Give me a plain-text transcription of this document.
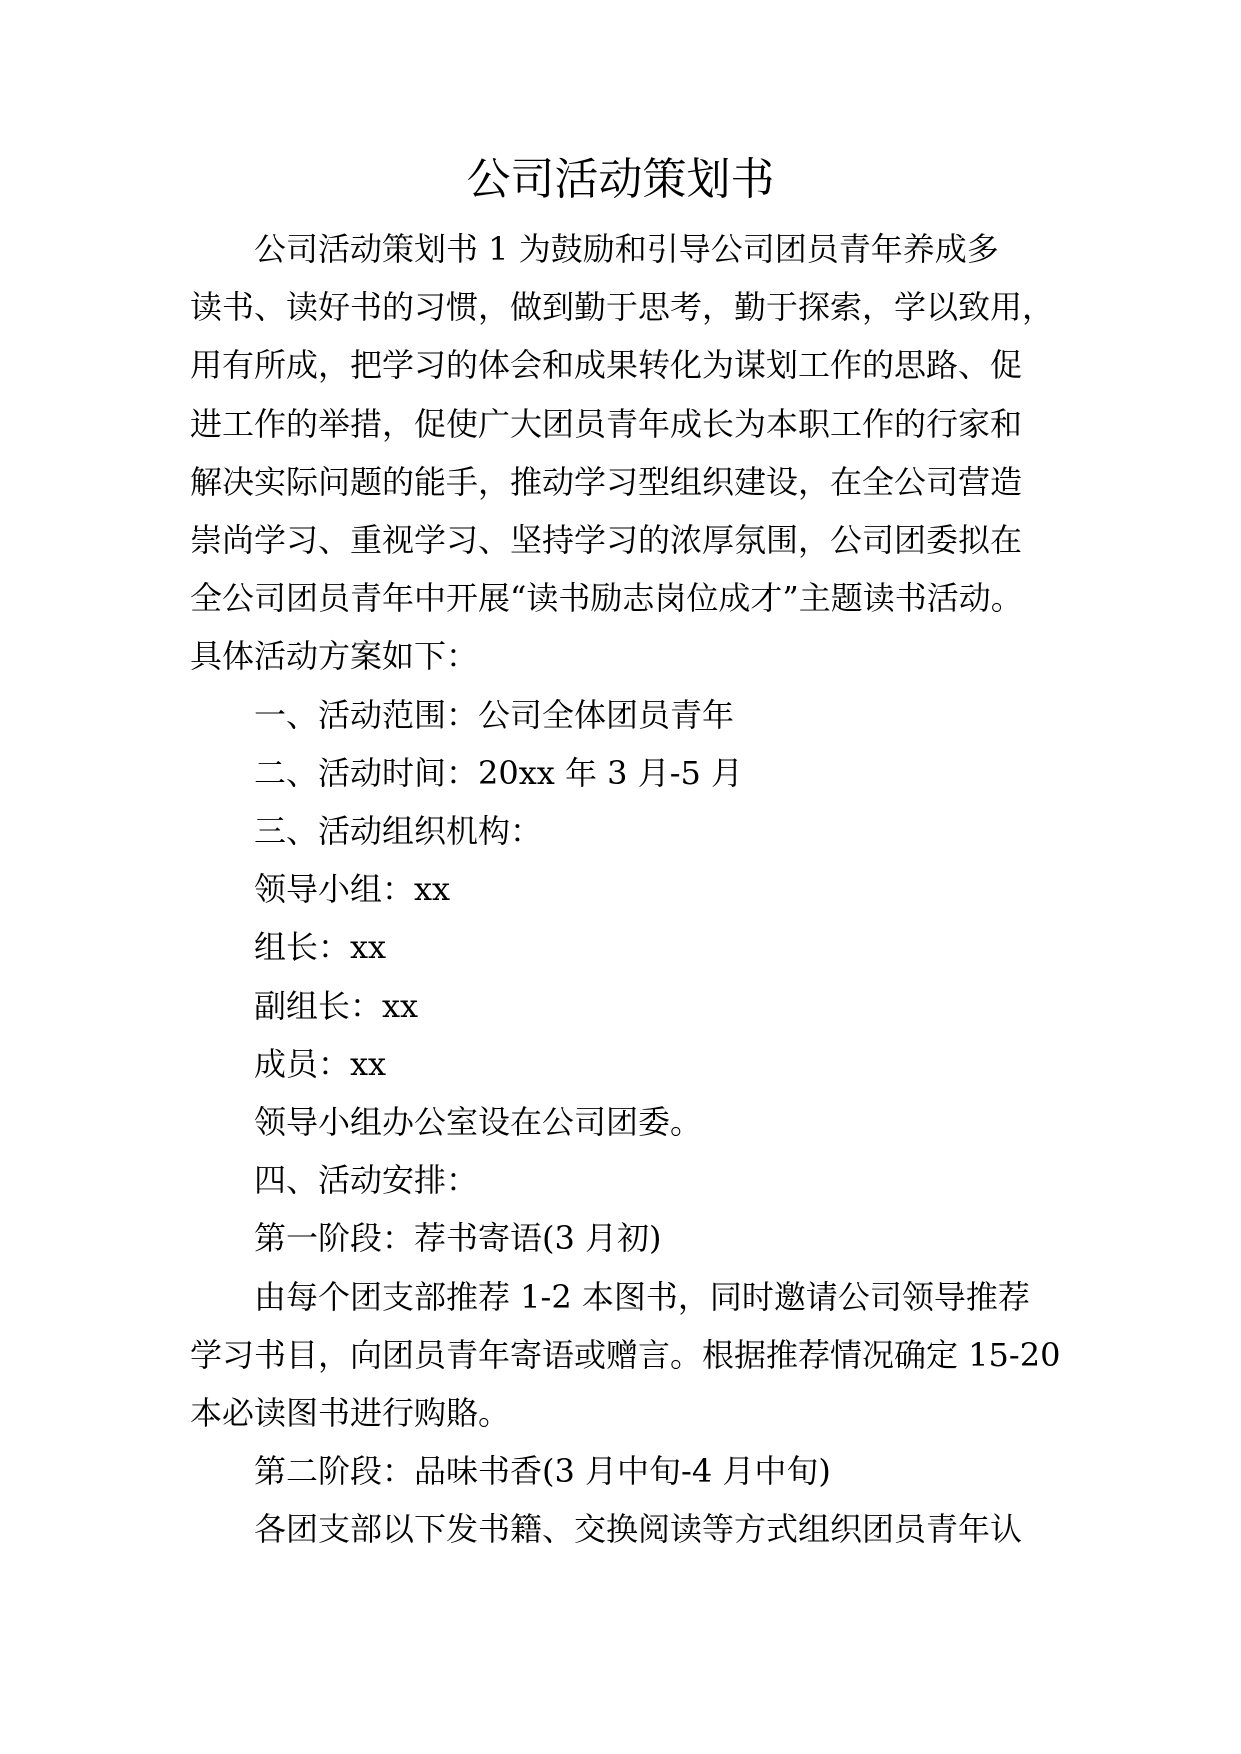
公司活动策划书

公司活动策划书 1 为鼓励和引导公司团员青年养成多
读书、读好书的习惯，做到勤于思考，勤于探索，学以致用，
用有所成，把学习的体会和成果转化为谋划工作的思路、促
进工作的举措，促使广大团员青年成长为本职工作的行家和
解决实际问题的能手，推动学习型组织建设，在全公司营造
崇尚学习、重视学习、坚持学习的浓厚氛围，公司团委拟在
全公司团员青年中开展“读书励志岗位成才”主题读书活动。
具体活动方案如下：

一、活动范围：公司全体团员青年

二、活动时间：20xx 年 3 月-5 月

三、活动组织机构：

领导小组：xx

组长：xx

副组长：xx

成员：xx

领导小组办公室设在公司团委。

四、活动安排：

第一阶段：荐书寄语(3 月初)

由每个团支部推荐 1-2 本图书，同时邀请公司领导推荐
学习书目，向团员青年寄语或赠言。根据推荐情况确定 15-20
本必读图书进行购賂。

第二阶段：品味书香(3 月中旬-4 月中旬)

各团支部以下发书籍、交换阅读等方式组织团员青年认
